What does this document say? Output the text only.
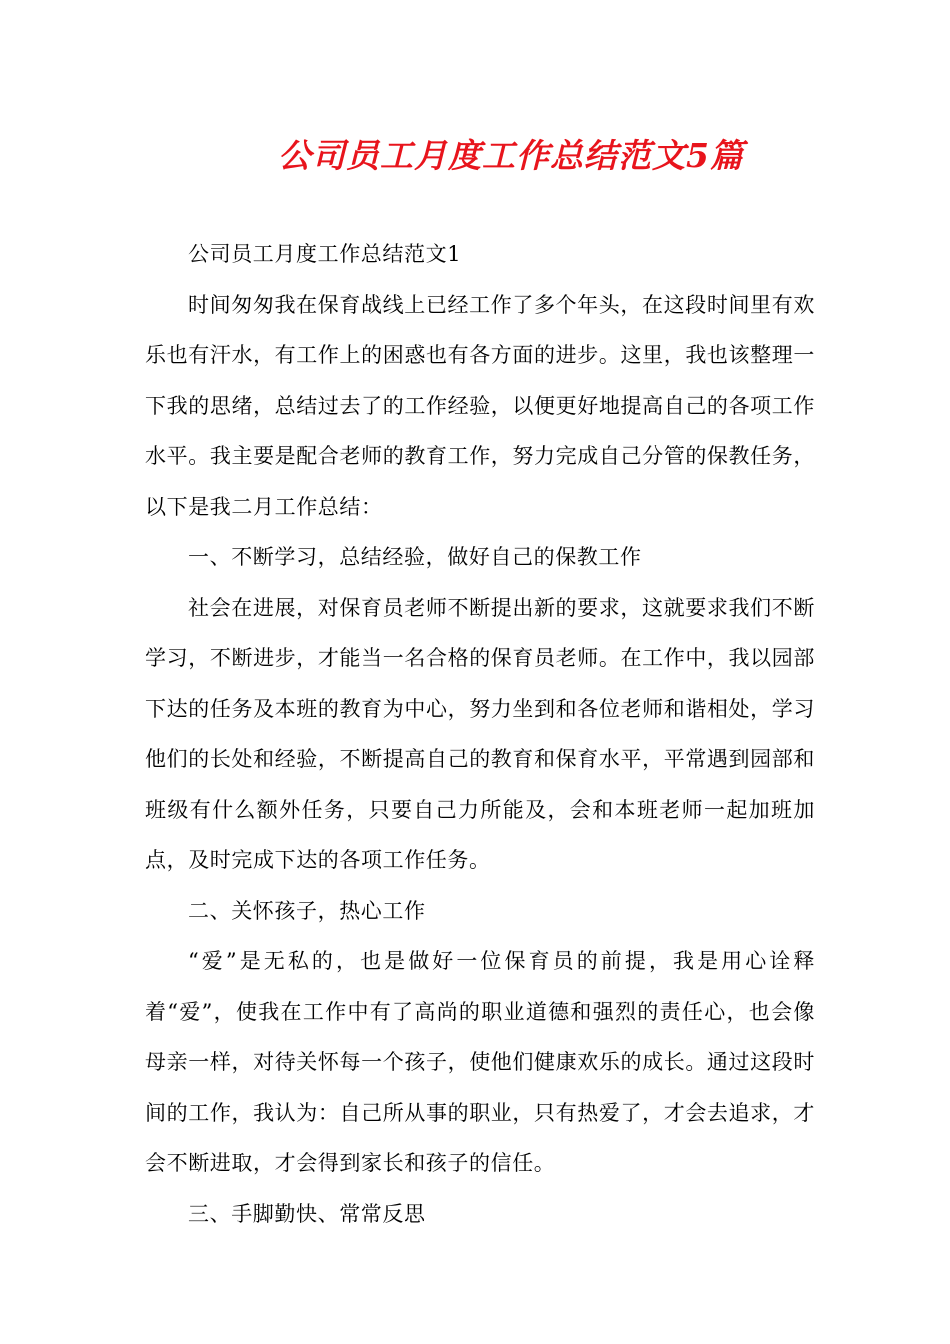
公司员工月度工作总结范文5篇

公司员工月度工作总结范文1

时间匆匆我在保育战线上已经工作了多个年头，在这段时间里有欢乐也有汗水，有工作上的困惑也有各方面的进步。这里，我也该整理一下我的思绪，总结过去了的工作经验，以便更好地提高自己的各项工作水平。我主要是配合老师的教育工作，努力完成自己分管的保教任务，以下是我二月工作总结：

一、不断学习，总结经验，做好自己的保教工作

社会在进展，对保育员老师不断提出新的要求，这就要求我们不断学习，不断进步，才能当一名合格的保育员老师。在工作中，我以园部下达的任务及本班的教育为中心，努力坐到和各位老师和谐相处，学习他们的长处和经验，不断提高自己的教育和保育水平，平常遇到园部和班级有什么额外任务，只要自己力所能及，会和本班老师一起加班加点，及时完成下达的各项工作任务。

二、关怀孩子，热心工作

“爱”是无私的，也是做好一位保育员的前提，我是用心诠释着“爱”，使我在工作中有了高尚的职业道德和强烈的责任心，也会像母亲一样，对待关怀每一个孩子，使他们健康欢乐的成长。通过这段时间的工作，我认为：自己所从事的职业，只有热爱了，才会去追求，才会不断进取，才会得到家长和孩子的信任。

三、手脚勤快、常常反思
